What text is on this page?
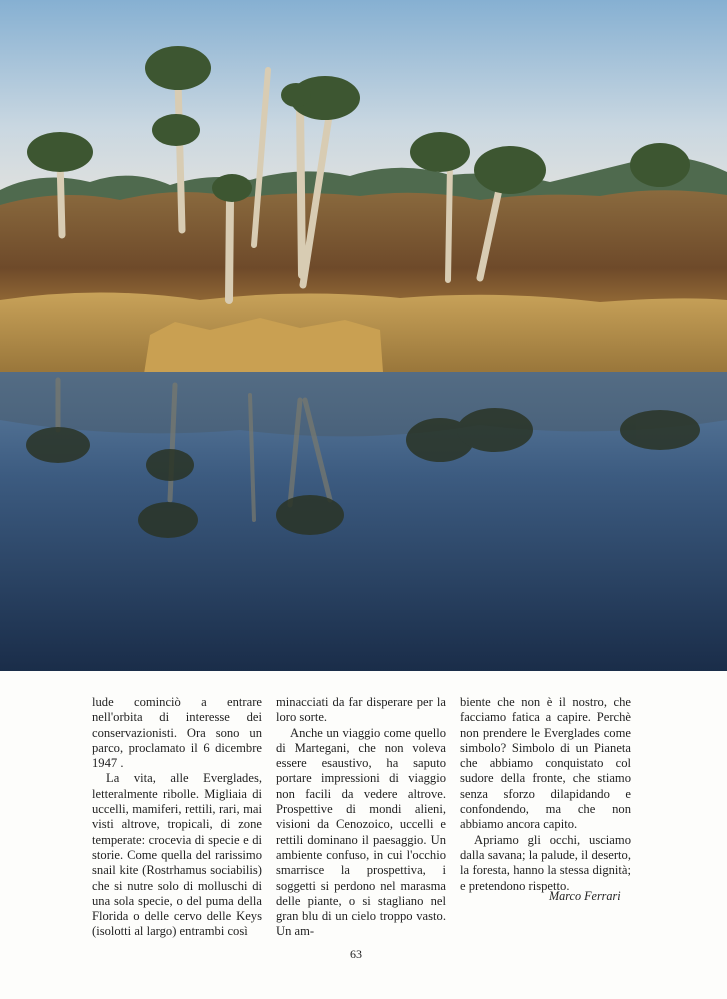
lude cominciò a entrare nell'orbita di interesse dei conservazionisti. Ora sono un parco, proclamato il 6 dicembre 1947 .

La vita, alle Everglades, letteralmente ribolle. Migliaia di uccelli, mamiferi, rettili, rari, mai visti altrove, tropicali, di zone temperate: crocevia di specie e di storie. Come quella del rarissimo snail kite (Rostrhamus sociabilis) che si nutre solo di molluschi di una sola specie, o del puma della Florida o delle cervo delle Keys (isolotti al largo) entrambi così

minacciati da far disperare per la loro sorte.

Anche un viaggio come quello di Martegani, che non voleva essere esaustivo, ha saputo portare impressioni di viaggio non facili da vedere altrove. Prospettive di mondi alieni, visioni da Cenozoico, uccelli e rettili dominano il paesaggio. Un ambiente confuso, in cui l'occhio smarrisce la prospettiva, i soggetti si perdono nel marasma delle piante, o si stagliano nel gran blu di un cielo troppo vasto. Un am-

biente che non è il nostro, che facciamo fatica a capire. Perchè non prendere le Everglades come simbolo? Simbolo di un Pianeta che abbiamo conquistato col sudore della fronte, che stiamo senza sforzo dilapidando e confondendo, ma che non abbiamo ancora capito.

Apriamo gli occhi, usciamo dalla savana; la palude, il deserto, la foresta, hanno la stessa dignità; e pretendono rispetto.

Marco Ferrari
63
